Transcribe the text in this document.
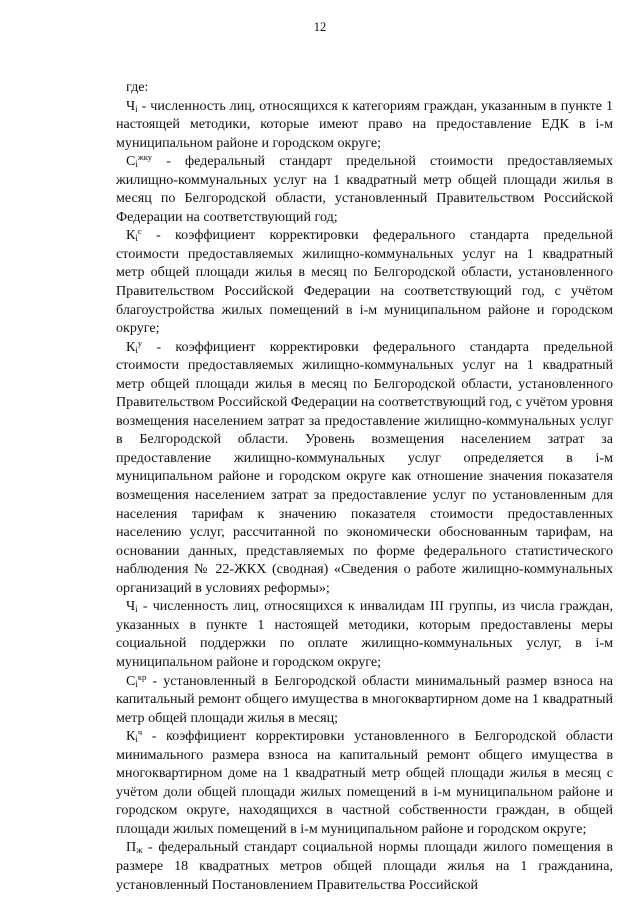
12

где:

$Ч_i$ - численность лиц, относящихся к категориям граждан, указанным в пункте 1 настоящей методики, которые имеют право на предоставление ЕДК в i-м муниципальном районе и городском округе;

$С_i^{жку}$ - федеральный стандарт предельной стоимости предоставляемых жилищно-коммунальных услуг на 1 квадратный метр общей площади жилья в месяц по Белгородской области, установленный Правительством Российской Федерации на соответствующий год;

$К_i^с$ - коэффициент корректировки федерального стандарта предельной стоимости предоставляемых жилищно-коммунальных услуг на 1 квадратный метр общей площади жилья в месяц по Белгородской области, установленного Правительством Российской Федерации на соответствующий год, с учётом благоустройства жилых помещений в i-м муниципальном районе и городском округе;

$К_i^у$ - коэффициент корректировки федерального стандарта предельной стоимости предоставляемых жилищно-коммунальных услуг на 1 квадратный метр общей площади жилья в месяц по Белгородской области, установленного Правительством Российской Федерации на соответствующий год, с учётом уровня возмещения населением затрат за предоставление жилищно-коммунальных услуг в Белгородской области. Уровень возмещения населением затрат за предоставление жилищно-коммунальных услуг определяется в i-м муниципальном районе и городском округе как отношение значения показателя возмещения населением затрат за предоставление услуг по установленным для населения тарифам к значению показателя стоимости предоставленных населению услуг, рассчитанной по экономически обоснованным тарифам, на основании данных, представляемых по форме федерального статистического наблюдения № 22-ЖКХ (сводная) «Сведения о работе жилищно-коммунальных организаций в условиях реформы»;

$Ч_i$ - численность лиц, относящихся к инвалидам III группы, из числа граждан, указанных в пункте 1 настоящей методики, которым предоставлены меры социальной поддержки по оплате жилищно-коммунальных услуг, в i-м муниципальном районе и городском округе;

$С_i^{кр}$ - установленный в Белгородской области минимальный размер взноса на капитальный ремонт общего имущества в многоквартирном доме на 1 квадратный метр общей площади жилья в месяц;

$К_i^ч$ - коэффициент корректировки установленного в Белгородской области минимального размера взноса на капитальный ремонт общего имущества в многоквартирном доме на 1 квадратный метр общей площади жилья в месяц с учётом доли общей площади жилых помещений в i-м муниципальном районе и городском округе, находящихся в частной собственности граждан, в общей площади жилых помещений в i-м муниципальном районе и городском округе;

$П_ж$ - федеральный стандарт социальной нормы площади жилого помещения в размере 18 квадратных метров общей площади жилья на 1 гражданина, установленный Постановлением Правительства Российской
